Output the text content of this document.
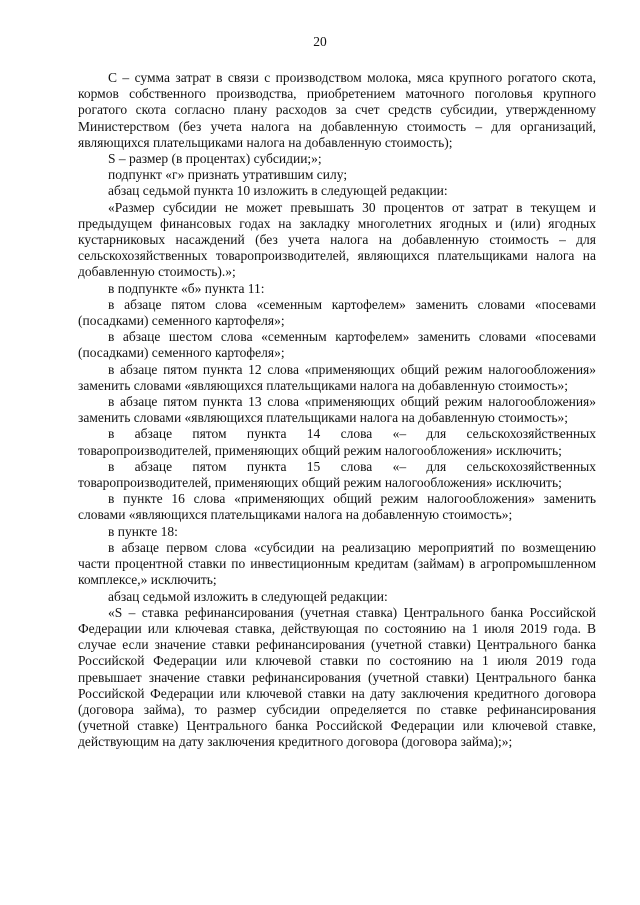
20

С – сумма затрат в связи с производством молока, мяса крупного рогатого скота, кормов собственного производства, приобретением маточного поголовья крупного рогатого скота согласно плану расходов за счет средств субсидии, утвержденному Министерством (без учета налога на добавленную стоимость – для организаций, являющихся плательщиками налога на добавленную стоимость);

S – размер (в процентах) субсидии;»;

подпункт «г» признать утратившим силу;

абзац седьмой пункта 10 изложить в следующей редакции:

«Размер субсидии не может превышать 30 процентов от затрат в текущем и предыдущем финансовых годах на закладку многолетних ягодных и (или) ягодных кустарниковых насаждений (без учета налога на добавленную стоимость – для сельскохозяйственных товаропроизводителей, являющихся плательщиками налога на добавленную стоимость).»;

в подпункте «б» пункта 11:

в абзаце пятом слова «семенным картофелем» заменить словами «посевами (посадками) семенного картофеля»;

в абзаце шестом слова «семенным картофелем» заменить словами «посевами (посадками) семенного картофеля»;

в абзаце пятом пункта 12 слова «применяющих общий режим налогообложения» заменить словами «являющихся плательщиками налога на добавленную стоимость»;

в абзаце пятом пункта 13 слова «применяющих общий режим налогообложения» заменить словами «являющихся плательщиками налога на добавленную стоимость»;

в абзаце пятом пункта 14 слова «– для сельскохозяйственных товаропроизводителей, применяющих общий режим налогообложения» исключить;

в абзаце пятом пункта 15 слова «– для сельскохозяйственных товаропроизводителей, применяющих общий режим налогообложения» исключить;

в пункте 16 слова «применяющих общий режим налогообложения» заменить словами «являющихся плательщиками налога на добавленную стоимость»;

в пункте 18:

в абзаце первом слова «субсидии на реализацию мероприятий по возмещению части процентной ставки по инвестиционным кредитам (займам) в агропромышленном комплексе,» исключить;

абзац седьмой изложить в следующей редакции:

«S – ставка рефинансирования (учетная ставка) Центрального банка Российской Федерации или ключевая ставка, действующая по состоянию на 1 июля 2019 года. В случае если значение ставки рефинансирования (учетной ставки) Центрального банка Российской Федерации или ключевой ставки по состоянию на 1 июля 2019 года превышает значение ставки рефинансирования (учетной ставки) Центрального банка Российской Федерации или ключевой ставки на дату заключения кредитного договора (договора займа), то размер субсидии определяется по ставке рефинансирования (учетной ставке) Центрального банка Российской Федерации или ключевой ставке, действующим на дату заключения кредитного договора (договора займа);»;
